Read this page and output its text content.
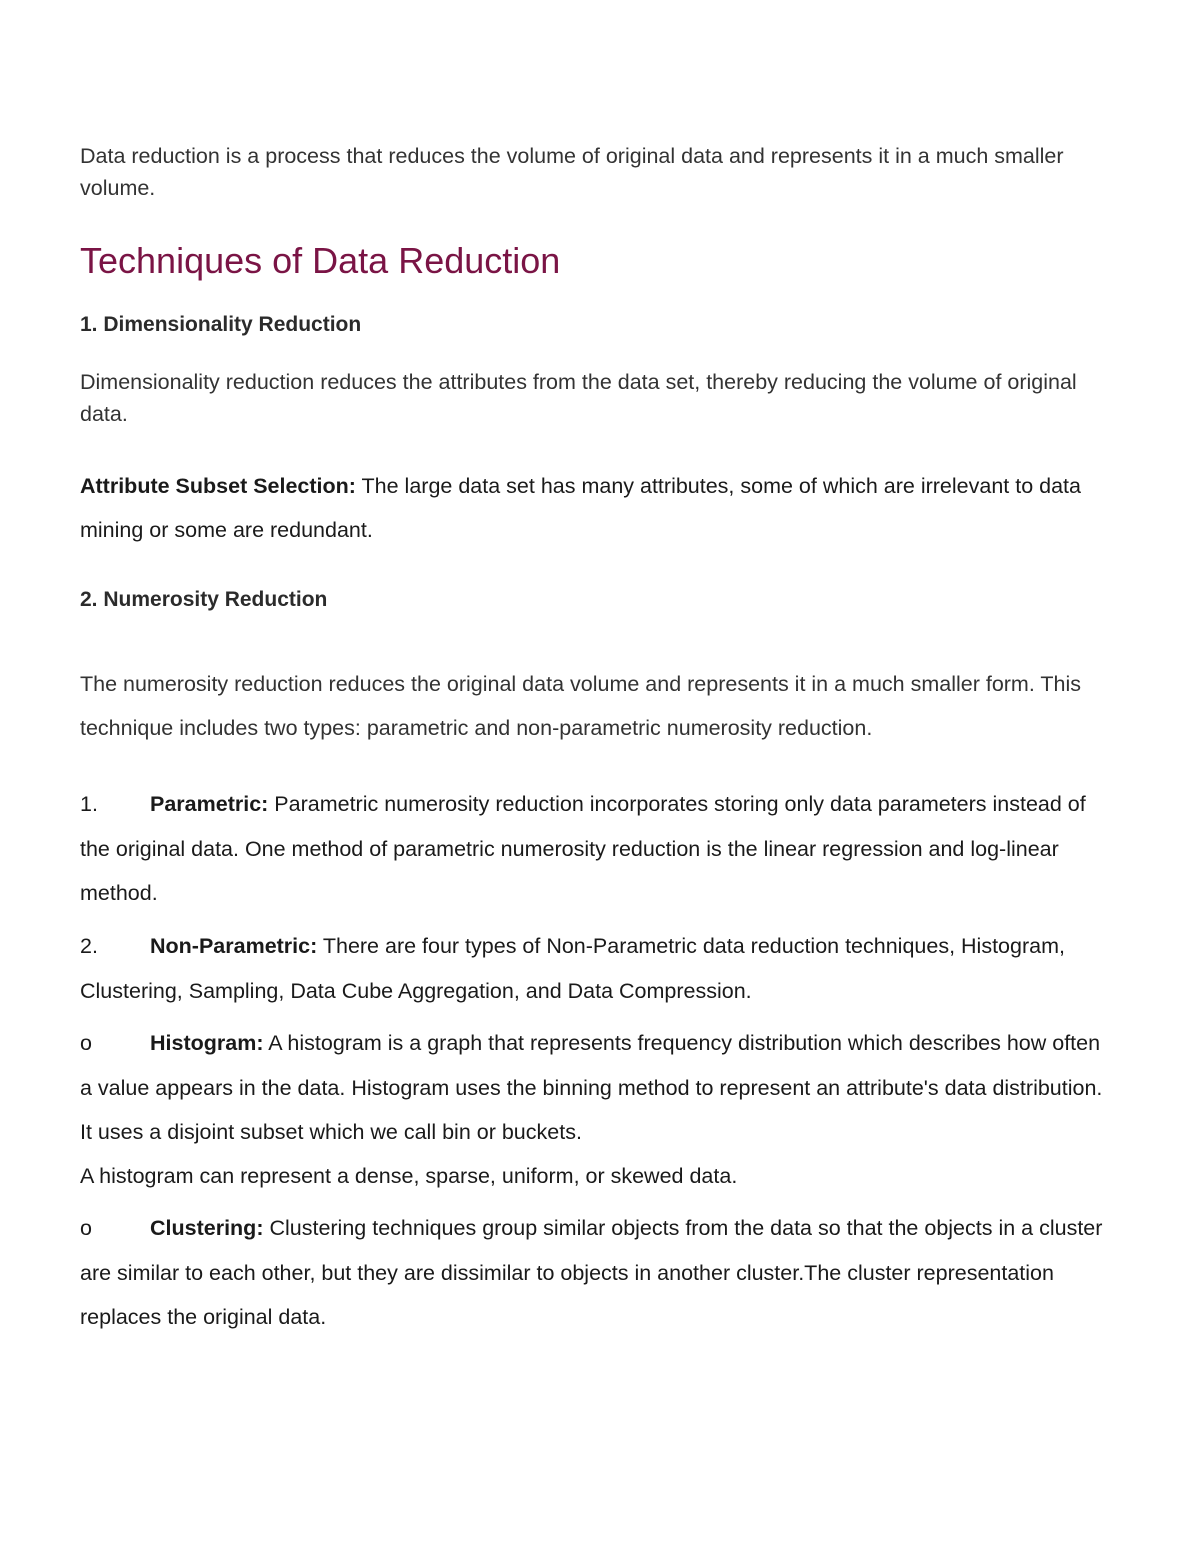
Data reduction is a process that reduces the volume of original data and represents it in a much smaller volume.

Techniques of Data Reduction
1. Dimensionality Reduction

Dimensionality reduction reduces the attributes from the data set, thereby reducing the volume of original data.

Attribute Subset Selection: The large data set has many attributes, some of which are irrelevant to data mining or some are redundant.

2. Numerosity Reduction

The numerosity reduction reduces the original data volume and represents it in a much smaller form. This technique includes two types: parametric and non-parametric numerosity reduction.

1. Parametric: Parametric numerosity reduction incorporates storing only data parameters instead of the original data. One method of parametric numerosity reduction is the linear regression and log-linear method.

2. Non-Parametric: There are four types of Non-Parametric data reduction techniques, Histogram, Clustering, Sampling, Data Cube Aggregation, and Data Compression.

o	Histogram: A histogram is a graph that represents frequency distribution which describes how often a value appears in the data. Histogram uses the binning method to represent an attribute's data distribution. It uses a disjoint subset which we call bin or buckets.
A histogram can represent a dense, sparse, uniform, or skewed data.

o	Clustering: Clustering techniques group similar objects from the data so that the objects in a cluster are similar to each other, but they are dissimilar to objects in another cluster.The cluster representation replaces the original data.
